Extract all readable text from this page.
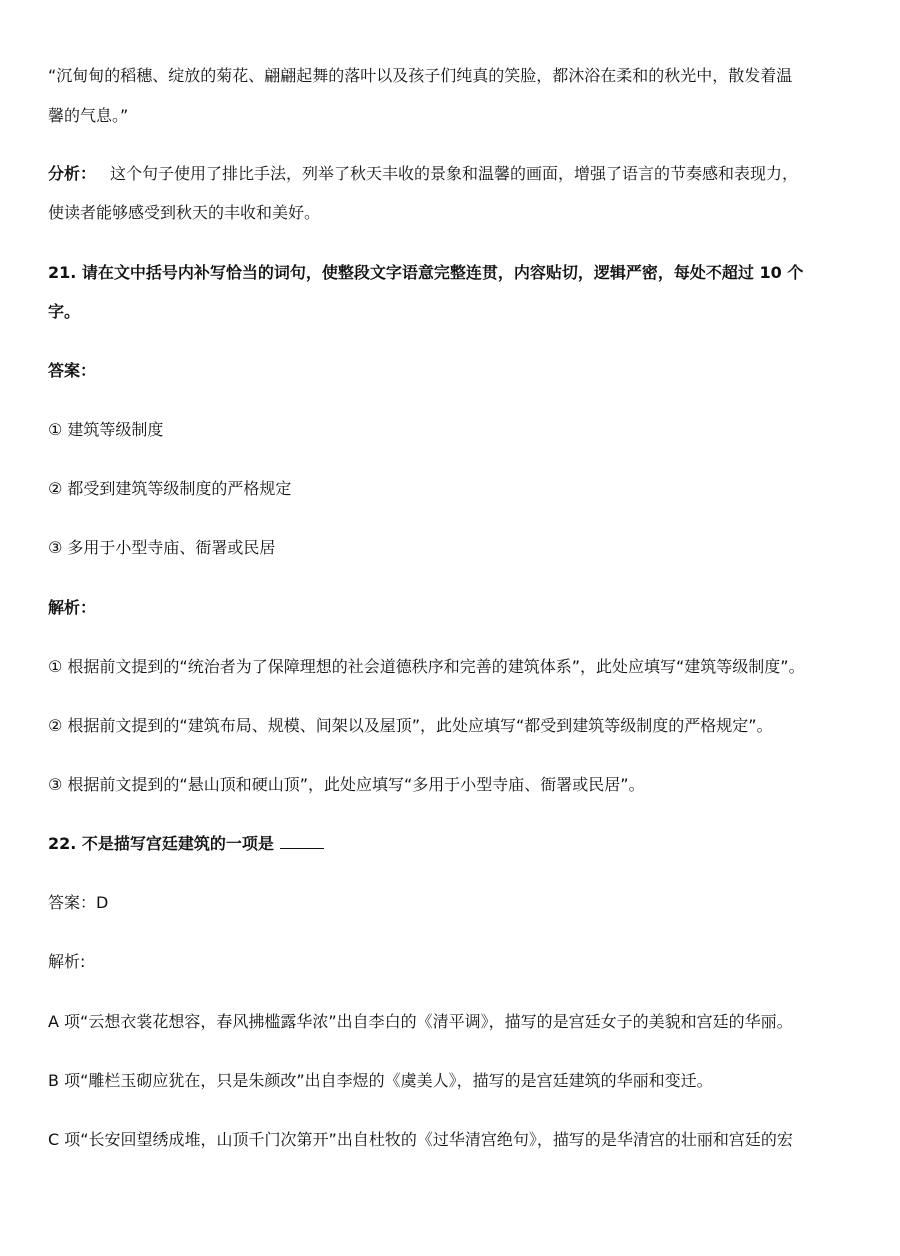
“沉甸甸的稻穗、绽放的菊花、翩翩起舞的落叶以及孩子们纯真的笑脸，都沐浴在柔和的秋光中，散发着温
馨的气息。”
分析： 这个句子使用了排比手法，列举了秋天丰收的景象和温馨的画面，增强了语言的节奏感和表现力，
使读者能够感受到秋天的丰收和美好。
21. 请在文中括号内补写恰当的词句，使整段文字语意完整连贯，内容贴切，逻辑严密，每处不超过 10 个
字。
答案：
① 建筑等级制度
② 都受到建筑等级制度的严格规定
③ 多用于小型寺庙、衙署或民居
解析：
① 根据前文提到的“统治者为了保障理想的社会道德秩序和完善的建筑体系”，此处应填写“建筑等级制度”。
② 根据前文提到的“建筑布局、规模、间架以及屋顶”，此处应填写“都受到建筑等级制度的严格规定”。
③ 根据前文提到的“悬山顶和硬山顶”，此处应填写“多用于小型寺庙、衙署或民居”。
22. 不是描写宫廷建筑的一项是
答案：D
解析:
A 项“云想衣裳花想容，春风拂槛露华浓”出自李白的《清平调》，描写的是宫廷女子的美貌和宫廷的华丽。
B 项“雕栏玉砌应犹在，只是朱颜改”出自李煜的《虞美人》，描写的是宫廷建筑的华丽和变迁。
C 项“长安回望绣成堆，山顶千门次第开”出自杜牧的《过华清宫绝句》，描写的是华清宫的壮丽和宫廷的宏
